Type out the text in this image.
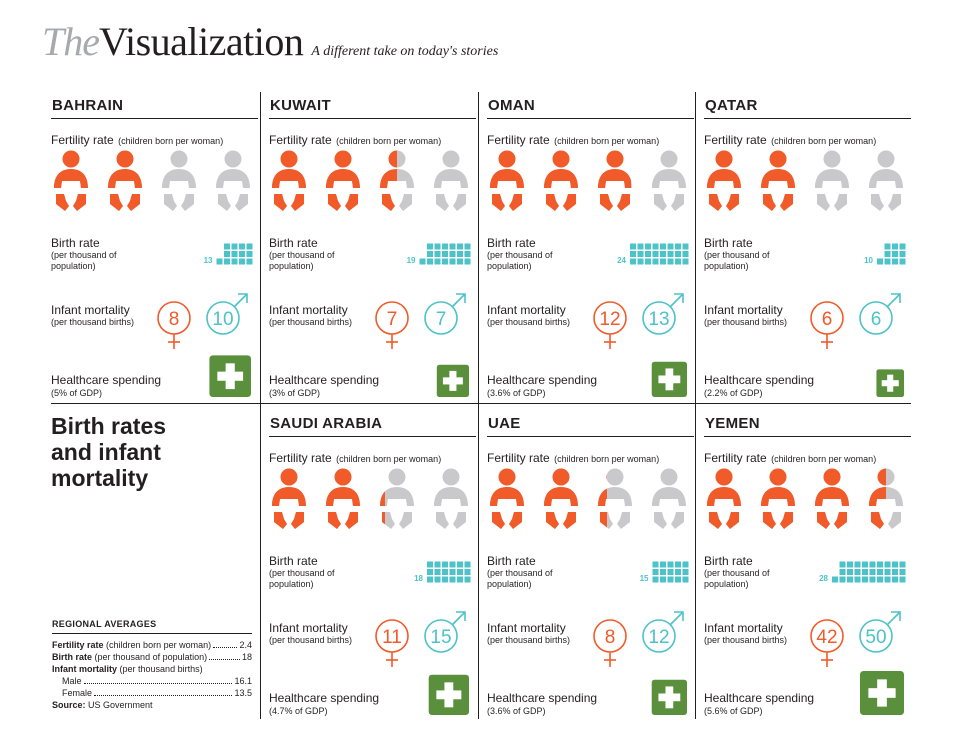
TheVisualization A different take on today's stories
BAHRAIN
Fertility rate (children born per woman)
Birth rate
(per thousand of population)
13
Infant mortality
(per thousand births) 8 10
Healthcare spending
(5% of GDP)
KUWAIT
Fertility rate (children born per woman)
Birth rate
(per thousand of population)
19
Infant mortality
(per thousand births) 7 7
Healthcare spending
(3% of GDP)
OMAN
Fertility rate (children born per woman)
Birth rate
(per thousand of population)
24
Infant mortality
(per thousand births) 12 13
Healthcare spending
(3.6% of GDP)
QATAR
Fertility rate (children born per woman)
Birth rate
(per thousand of population)
10
Infant mortality
(per thousand births) 6 6
Healthcare spending
(2.2% of GDP)
SAUDI ARABIA
Fertility rate (children born per woman)
Birth rate
(per thousand of population)
18
Infant mortality
(per thousand births) 11 15
Healthcare spending
(4.7% of GDP)
UAE
Fertility rate (children born per woman)
Birth rate
(per thousand of population)
15
Infant mortality
(per thousand births) 8 12
Healthcare spending
(3.6% of GDP)
YEMEN
Fertility rate (children born per woman)
Birth rate
(per thousand of population)
28
Infant mortality
(per thousand births) 42 50
Healthcare spending
(5.6% of GDP)
Birth rates
and infant
mortality
REGIONAL AVERAGES
Fertility rate
(children born per woman)	2.4
Birth rate
(per thousand of population)	18
Infant mortality
(per thousand births)
Male	16.1
Female	13.5
Source:
US Government
